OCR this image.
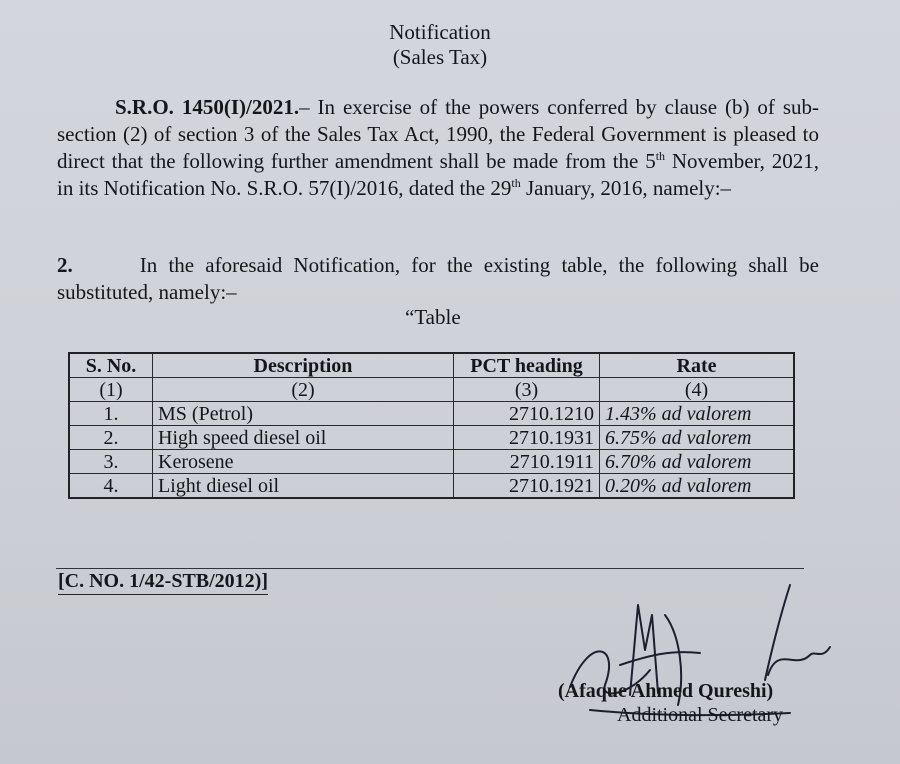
Notification
(Sales Tax)
S.R.O. 1450(I)/2021.– In exercise of the powers conferred by clause (b) of sub-section (2) of section 3 of the Sales Tax Act, 1990, the Federal Government is pleased to direct that the following further amendment shall be made from the 5th November, 2021, in its Notification No. S.R.O. 57(I)/2016, dated the 29th January, 2016, namely:–
2.	In the aforesaid Notification, for the existing table, the following shall be substituted, namely:–
“Table
S. No.	Description	PCT heading	Rate
(1)	(2)	(3)	(4)
1.	MS (Petrol)	2710.1210	1.43% ad valorem
2.	High speed diesel oil	2710.1931	6.75% ad valorem
3.	Kerosene	2710.1911	6.70% ad valorem
4.	Light diesel oil	2710.1921	0.20% ad valorem
[C. NO. 1/42-STB/2012)]
(Afaque Ahmed Qureshi)
Additional Secretary
